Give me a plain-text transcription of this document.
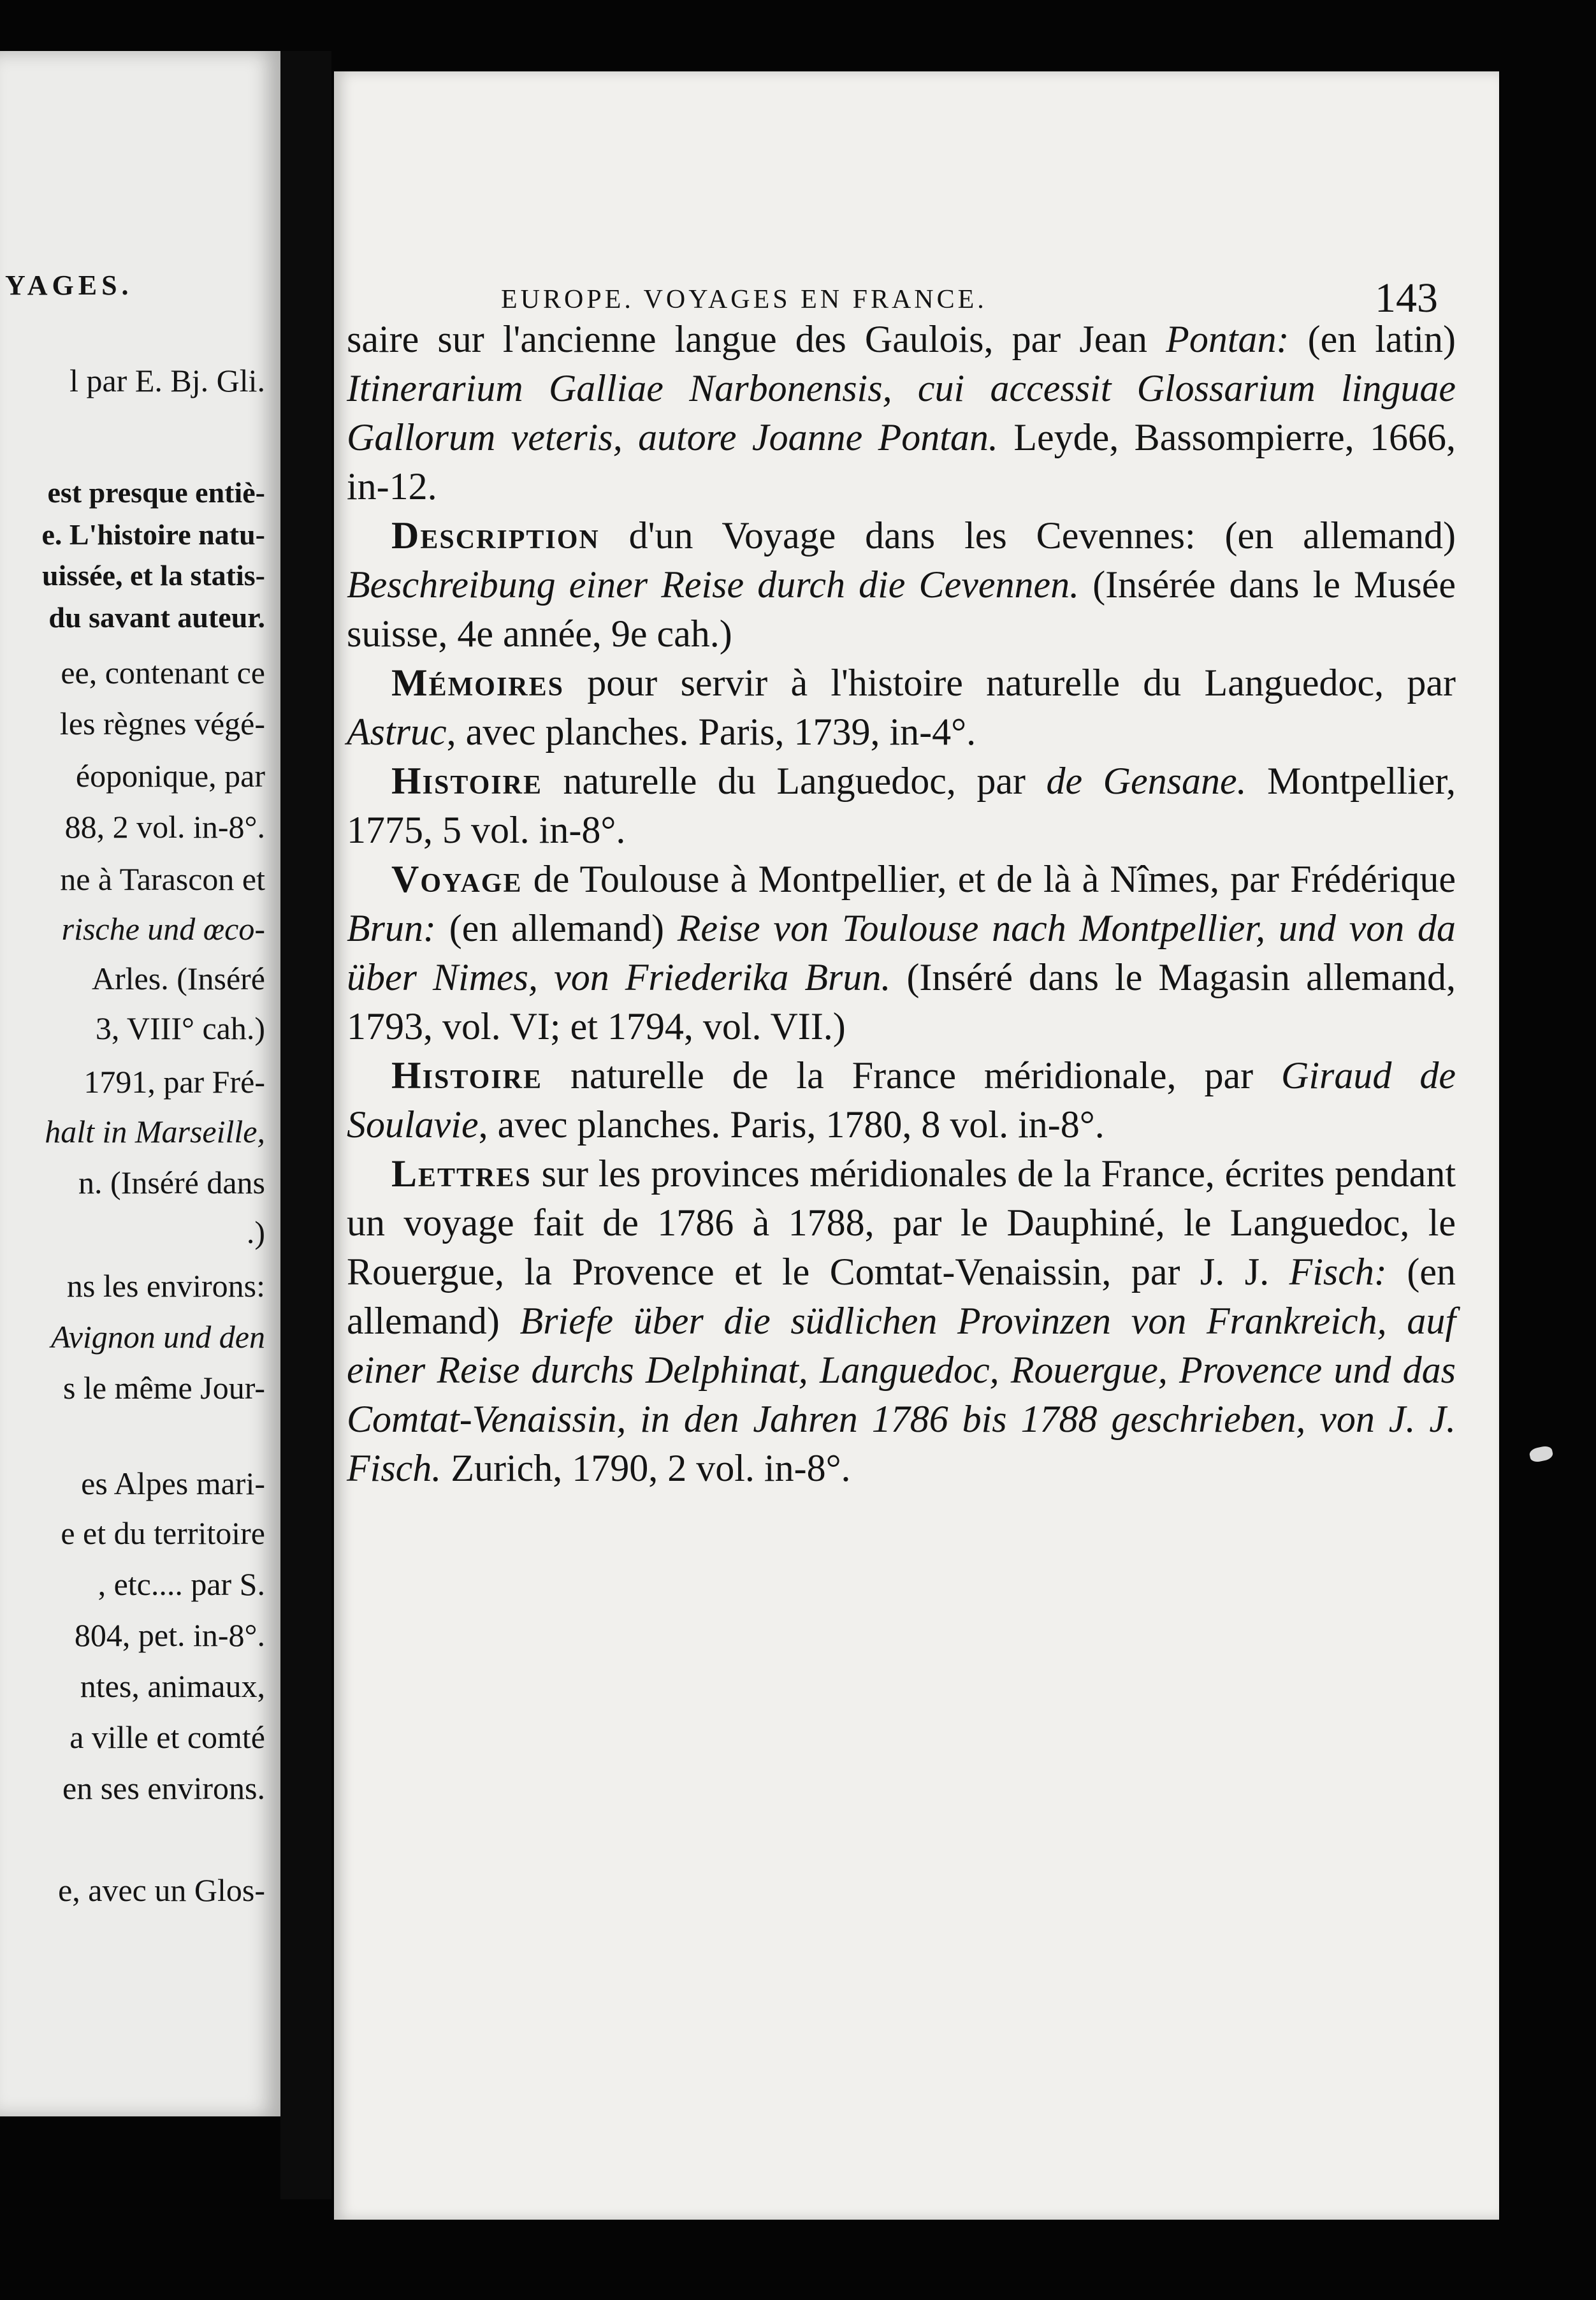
YAGES.
l par E. Bj. Gli.
est presque entiè-
e. L'histoire natu-
uissée, et la statis-
du savant auteur.
ee, contenant ce
les règnes végé-
éoponique, par
88, 2 vol. in-8°.
ne à Tarascon et
rische und œco-
Arles. (Inséré
3, VIII° cah.)
1791, par Fré-
halt in Marseille,
n. (Inséré dans
.)
ns les environs:
Avignon und den
s le même Jour-
es Alpes mari-
e et du territoire
, etc.... par S.
804, pet. in-8°.
ntes, animaux,
a ville et comté
en ses environs.
e, avec un Glos-
EUROPE. VOYAGES EN FRANCE.	143

saire sur l'ancienne langue des Gaulois, par Jean Pontan: (en latin) Itinerarium Galliae Narbonensis, cui accessit Glossarium linguae Gallorum veteris, autore Joanne Pontan. Leyde, Bassompierre, 1666, in-12.

Description d'un Voyage dans les Cevennes: (en allemand) Beschreibung einer Reise durch die Cevennen. (Insérée dans le Musée suisse, 4e année, 9e cah.)

Mémoires pour servir à l'histoire naturelle du Languedoc, par Astruc, avec planches. Paris, 1739, in-4°.

Histoire naturelle du Languedoc, par de Gensane. Montpellier, 1775, 5 vol. in-8°.

Voyage de Toulouse à Montpellier, et de là à Nîmes, par Frédérique Brun: (en allemand) Reise von Toulouse nach Montpellier, und von da über Nimes, von Friederika Brun. (Inséré dans le Magasin allemand, 1793, vol. VI; et 1794, vol. VII.)

Histoire naturelle de la France méridionale, par Giraud de Soulavie, avec planches. Paris, 1780, 8 vol. in-8°.

Lettres sur les provinces méridionales de la France, écrites pendant un voyage fait de 1786 à 1788, par le Dauphiné, le Languedoc, le Rouergue, la Provence et le Comtat-Venaissin, par J. J. Fisch: (en allemand) Briefe über die südlichen Provinzen von Frankreich, auf einer Reise durchs Delphinat, Languedoc, Rouergue, Provence und das Comtat-Venaissin, in den Jahren 1786 bis 1788 geschrieben, von J. J. Fisch. Zurich, 1790, 2 vol. in-8°.
